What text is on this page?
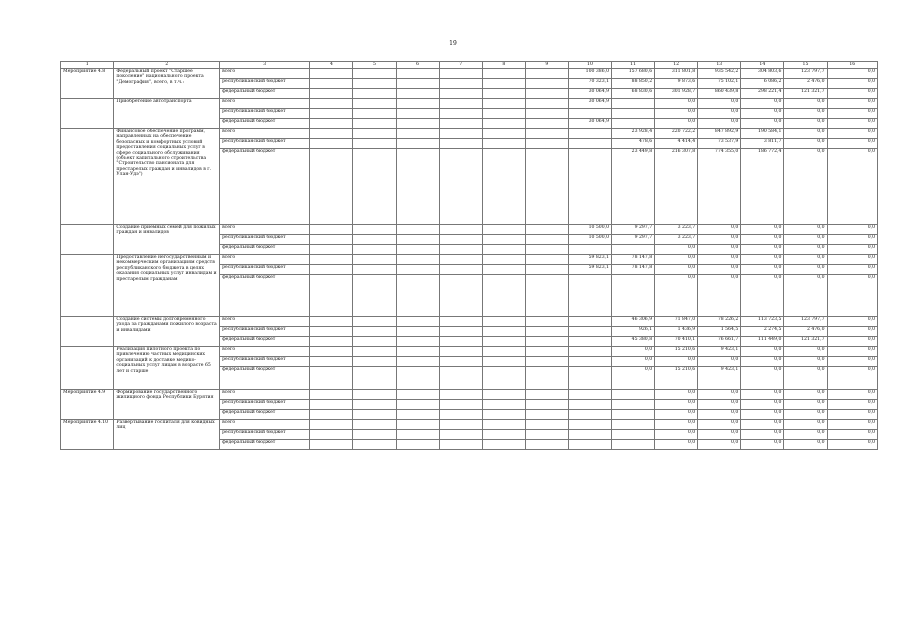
19
1	2	3	4	5	6	7	8	9	10	11	12	13	14	15	16
Мероприятие 4.8	Федеральный проект "Старшее поколение" национального проекта "Демография", всего, в т.ч.:	всего							100 386,0	157 680,6	311 801,8	935 542,2	304 803,6	123 797,7	0,0
		республиканский бюджет							70 323,1	88 850,2	9 873,6	75 102,1	6 086,2	2 476,0	0,0
		федеральный бюджет							30 064,9	68 830,6	301 928,7	860 439,8	298 221,4	121 321,7	0,0
	Приобретение автотранспорта	всего							30 064,9		0,0	0,0	0,0	0,0	0,0
		республиканский бюджет									0,0	0,0	0,0	0,0	0,0
		федеральный бюджет							30 064,9		0,0	0,0	0,0	0,0	0,0
	Финансовое обеспечение программ, направленных на обеспечение безопасных и комфортных условий предоставления социальных услуг в сфере социального обслуживания (объект капитального строительства "Строительство пансионата для престарелых граждан и инвалидов в г. Улан-Удэ")	всего								23 928,4	220 722,2	847 892,9	190 584,1	0,0	0,0
		республиканский бюджет								478,6	4 414,4	73 537,9	3 811,7	0,0	0,0
		федеральный бюджет								23 449,8	216 307,8	774 355,0	186 772,4	0,0	0,0
	Создание приемных семей для пожилых граждан и инвалидов	всего							10 500,0	9 297,7	3 223,7	0,0	0,0	0,0	0,0
		республиканский бюджет							10 500,0	9 297,7	3 223,7	0,0	0,0	0,0	0,0
		федеральный бюджет									0,0	0,0	0,0	0,0	0,0
	Предоставление негосударственным и некоммерческим организациям средств республиканского бюджета в целях оказания социальных услуг инвалидам и престарелым гражданам	всего							59 823,1	78 147,8	0,0	0,0	0,0	0,0	0,0
		республиканский бюджет							59 823,1	78 147,8	0,0	0,0	0,0	0,0	0,0
		федеральный бюджет									0,0	0,0	0,0	0,0	0,0
	Создание системы долговременного ухода за гражданами пожилого возраста и инвалидами	всего								46 306,9	71 847,0	78 226,2	113 723,5	123 797,7	0,0
		республиканский бюджет								926,1	1 436,9	1 564,5	2 274,5	2 476,0	0,0
		федеральный бюджет								45 380,8	70 410,1	76 661,7	111 449,0	121 321,7	0,0
	Реализация пилотного проекта по привлечению частных медицинских организаций к доставке медико-социальных услуг лицам в возрасте 65 лет и старше	всего								0,0	15 210,6	9 423,1	0,0	0,0	0,0
		республиканский бюджет								0,0	0,0	0,0	0,0	0,0	0,0
		федеральный бюджет								0,0	15 210,6	9 423,1	0,0	0,0	0,0
Мероприятие 4.9	Формирование государственного жилищного фонда Республики Бурятия	всего									0,0	0,0	0,0	0,0	0,0
		республиканский бюджет									0,0	0,0	0,0	0,0	0,0
		федеральный бюджет									0,0	0,0	0,0	0,0	0,0
Мероприятие 4.10	Развертывание госпиталя для ковидных лиц	всего									0,0	0,0	0,0	0,0	0,0
		республиканский бюджет									0,0	0,0	0,0	0,0	0,0
		федеральный бюджет									0,0	0,0	0,0	0,0	0,0
